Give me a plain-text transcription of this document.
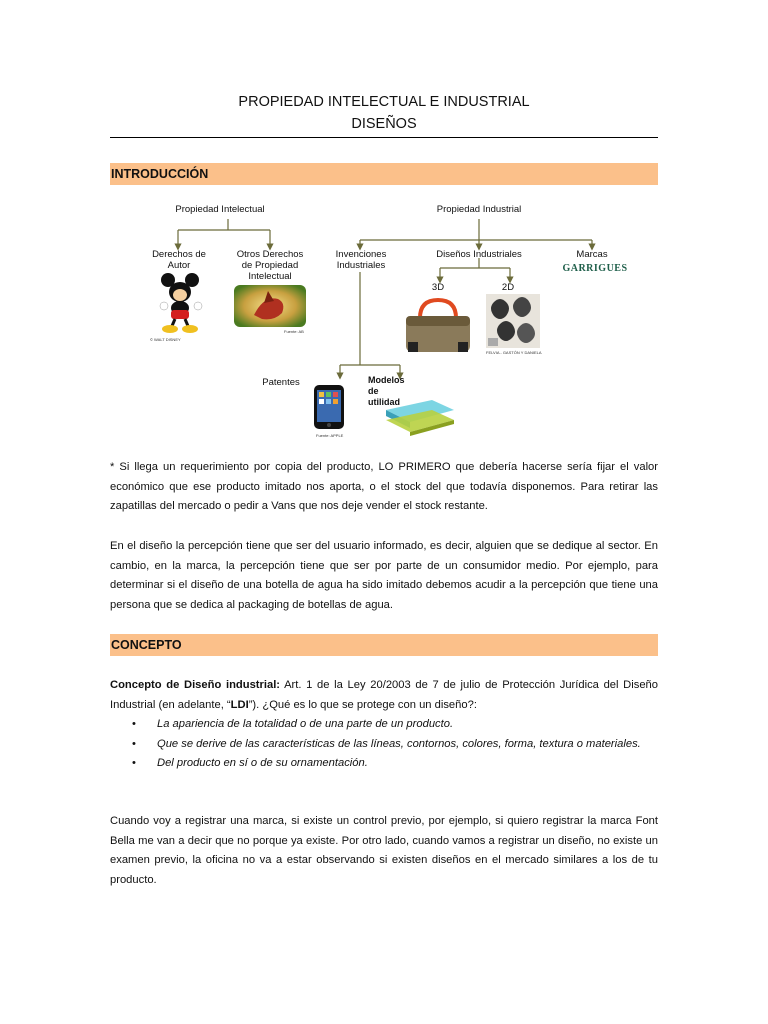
PROPIEDAD INTELECTUAL E INDUSTRIAL
DISEÑOS
INTRODUCCIÓN
Propiedad Intelectual	Propiedad Industrial
Derechos de Autor
Otros Derechos de Propiedad Intelectual
Invenciones Industriales
Diseños Industriales	Marcas
GARRIGUES
3D	2D
Patentes	Modelos de utilidad
© WALT DISNEY
Fuente: AB
FELVIA - GASTÓN Y DANIELA
Fuente: APPLE
* Si llega un requerimiento por copia del producto, LO PRIMERO que debería hacerse sería fijar el valor económico que ese producto imitado nos aporta, o el stock del que todavía disponemos. Para retirar las zapatillas del mercado o pedir a Vans que nos deje vender el stock restante.
En el diseño la percepción tiene que ser del usuario informado, es decir, alguien que se dedique al sector. En cambio, en la marca, la percepción tiene que ser por parte de un consumidor medio. Por ejemplo, para determinar si el diseño de una botella de agua ha sido imitado debemos acudir a la percepción que tiene una persona que se dedica al packaging de botellas de agua.
CONCEPTO
Concepto de Diseño industrial: Art. 1 de la Ley 20/2003 de 7 de julio de Protección Jurídica del Diseño Industrial (en adelante, “LDI”). ¿Qué es lo que se protege con un diseño?:
• La apariencia de la totalidad o de una parte de un producto.
• Que se derive de las características de las líneas, contornos, colores, forma, textura o materiales.
• Del producto en sí o de su ornamentación.
Cuando voy a registrar una marca, si existe un control previo, por ejemplo, si quiero registrar la marca Font Bella me van a decir que no porque ya existe. Por otro lado, cuando vamos a registrar un diseño, no existe un examen previo, la oficina no va a estar observando si existen diseños en el mercado similares a los de tu producto.
